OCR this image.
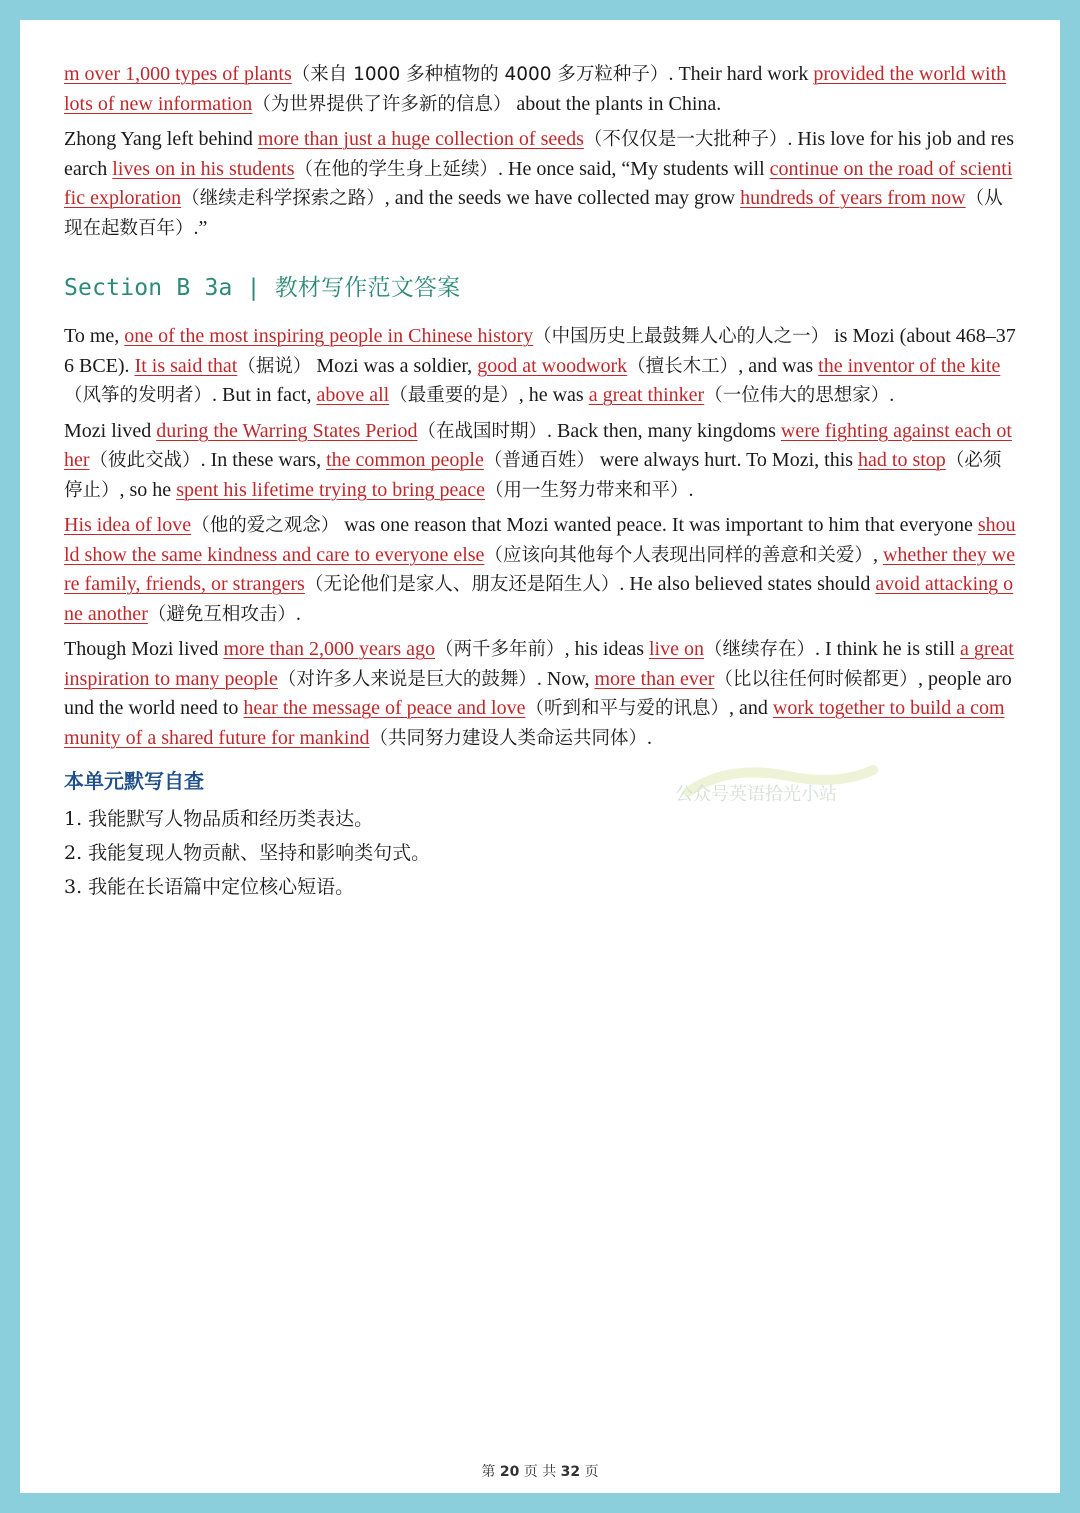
m over 1,000 types of plants（来自 1000 多种植物的 4000 多万粒种子）. Their hard work provided the world with lots of new information（为世界提供了许多新的信息） about the plants in China.
Zhong Yang left behind more than just a huge collection of seeds（不仅仅是一大批种子）. His love for his job and research lives on in his students（在他的学生身上延续）. He once said, “My students will continue on the road of scientific exploration（继续走科学探索之路）, and the seeds we have collected may grow hundreds of years from now（从现在起数百年）.”
Section B 3a | 教材写作范文答案
To me, one of the most inspiring people in Chinese history（中国历史上最鼓舞人心的人之一） is Mozi (about 468–376 BCE). It is said that（据说） Mozi was a soldier, good at woodwork（擅长木工）, and was the inventor of the kite（风筝的发明者）. But in fact, above all（最重要的是）, he was a great thinker（一位伟大的思想家）.
Mozi lived during the Warring States Period（在战国时期）. Back then, many kingdoms were fighting against each other（彼此交战）. In these wars, the common people（普通百姓） were always hurt. To Mozi, this had to stop（必须停止）, so he spent his lifetime trying to bring peace（用一生努力带来和平）.
His idea of love（他的爱之观念） was one reason that Mozi wanted peace. It was important to him that everyone should show the same kindness and care to everyone else（应该向其他每个人表现出同样的善意和关爱）, whether they were family, friends, or strangers（无论他们是家人、朋友还是陌生人）. He also believed states should avoid attacking one another（避免互相攻击）.
Though Mozi lived more than 2,000 years ago（两千多年前）, his ideas live on（继续存在）. I think he is still a great inspiration to many people（对许多人来说是巨大的鼓舞）. Now, more than ever（比以往任何时候都更）, people around the world need to hear the message of peace and love（听到和平与爱的讯息）, and work together to build a community of a shared future for mankind（共同努力建设人类命运共同体）.
本单元默写自查
1. 我能默写人物品质和经历类表达。
2. 我能复现人物贡献、坚持和影响类句式。
3. 我能在长语篇中定位核心短语。
公众号英语拾光小站
第 20 页 共 32 页
